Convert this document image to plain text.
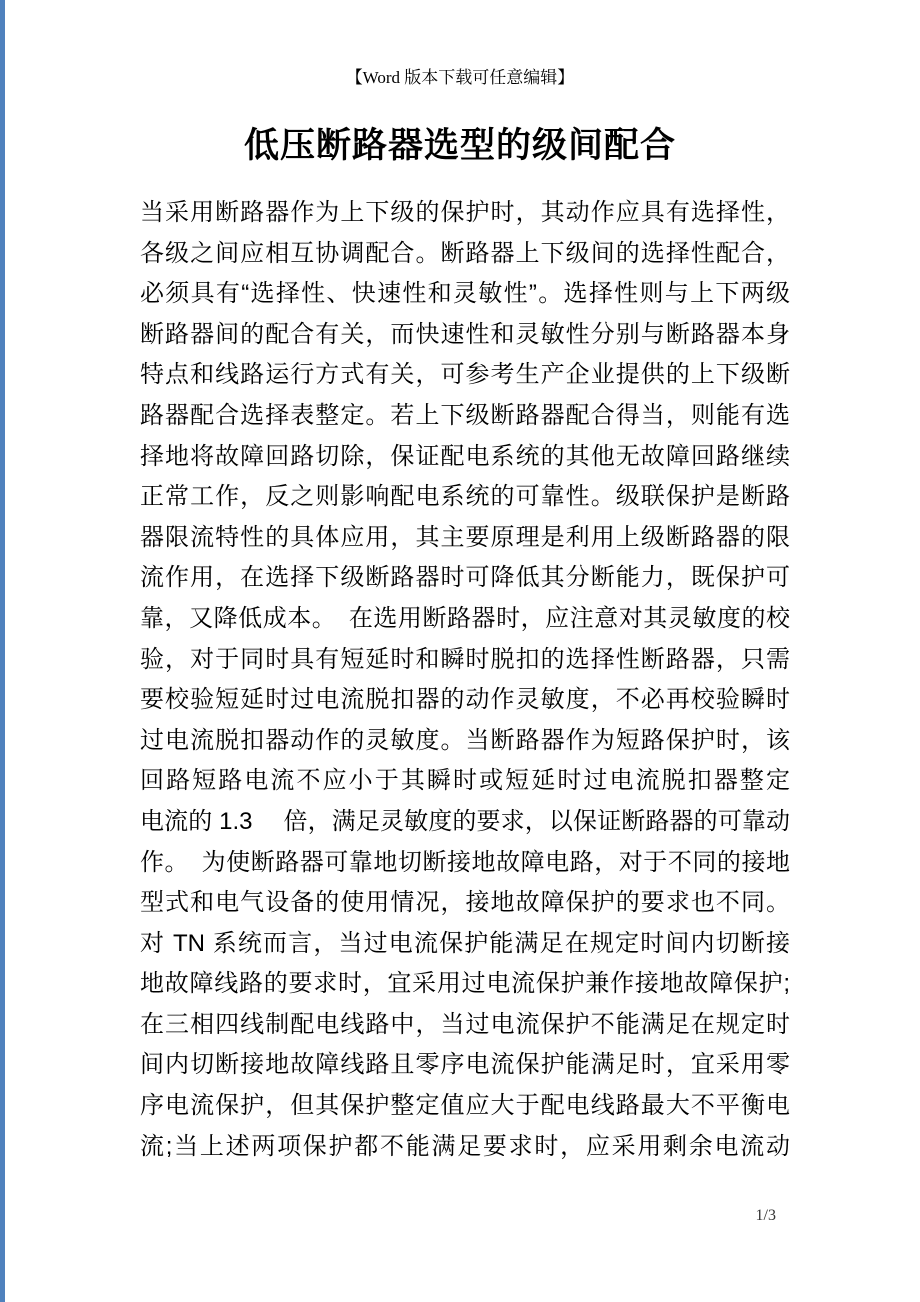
【Word 版本下载可任意编辑】
低压断路器选型的级间配合
当采用断路器作为上下级的保护时，其动作应具有选择性，
各级之间应相互协调配合。断路器上下级间的选择性配合，
必须具有“选择性、快速性和灵敏性”。选择性则与上下两级
断路器间的配合有关，而快速性和灵敏性分别与断路器本身
特点和线路运行方式有关，可参考生产企业提供的上下级断
路器配合选择表整定。若上下级断路器配合得当，则能有选
择地将故障回路切除，保证配电系统的其他无故障回路继续
正常工作，反之则影响配电系统的可靠性。级联保护是断路
器限流特性的具体应用，其主要原理是利用上级断路器的限
流作用，在选择下级断路器时可降低其分断能力，既保护可
靠，又降低成本。　在选用断路器时，应注意对其灵敏度的校
验，对于同时具有短延时和瞬时脱扣的选择性断路器，只需
要校验短延时过电流脱扣器的动作灵敏度，不必再校验瞬时
过电流脱扣器动作的灵敏度。当断路器作为短路保护时，该
回路短路电流不应小于其瞬时或短延时过电流脱扣器整定
电流的 1.3　 倍，满足灵敏度的要求，以保证断路器的可靠动
作。　为使断路器可靠地切断接地故障电路，对于不同的接地
型式和电气设备的使用情况，接地故障保护的要求也不同。
对 TN 系统而言，当过电流保护能满足在规定时间内切断接
地故障线路的要求时，宜采用过电流保护兼作接地故障保护;
在三相四线制配电线路中，当过电流保护不能满足在规定时
间内切断接地故障线路且零序电流保护能满足时，宜采用零
序电流保护，但其保护整定值应大于配电线路最大不平衡电
流;当上述两项保护都不能满足要求时，应采用剩余电流动
1/3
